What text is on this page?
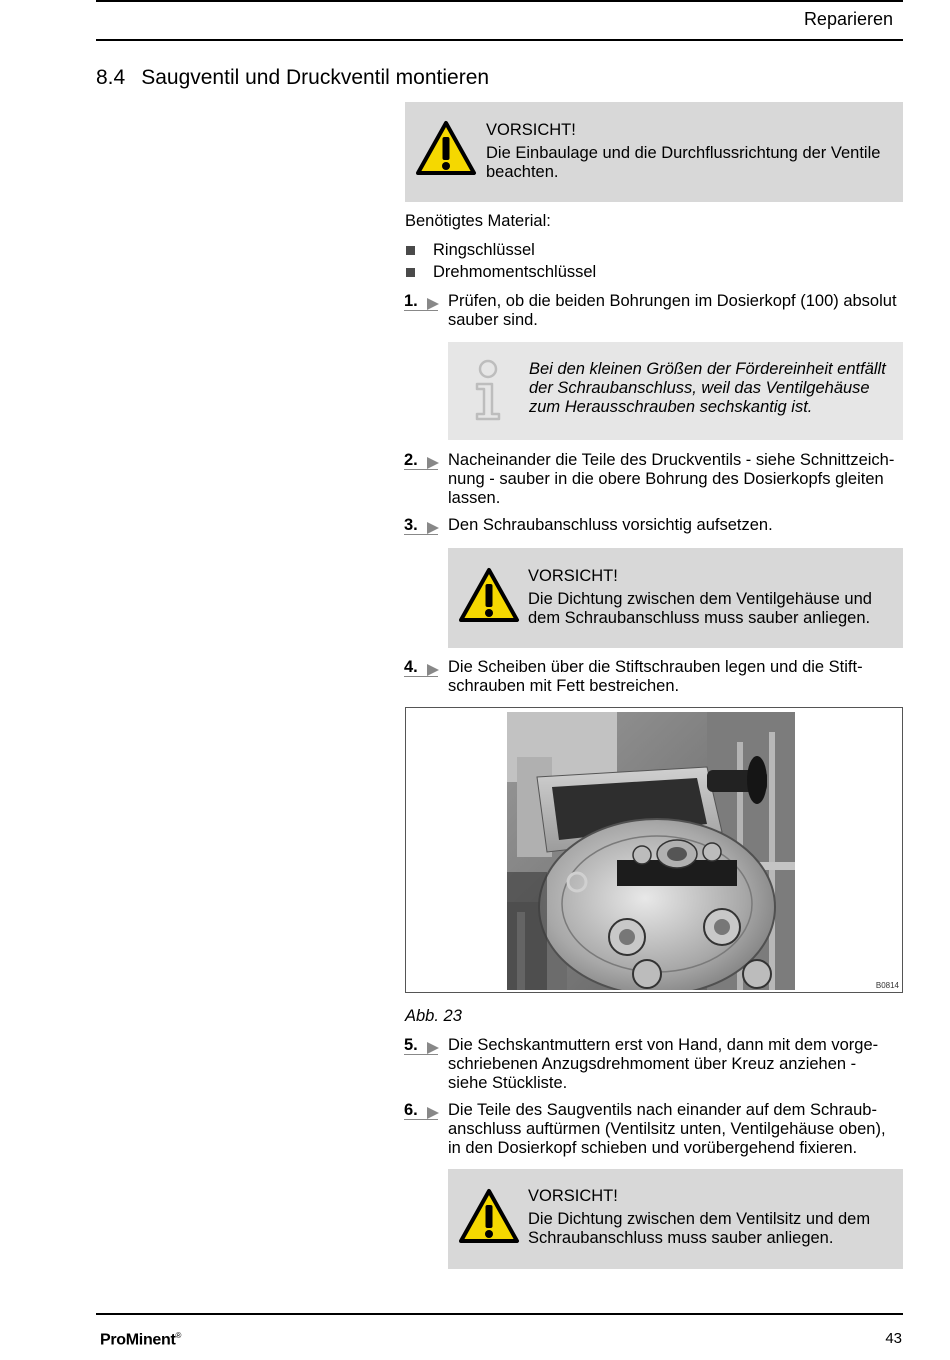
Reparieren
8.4 Saugventil und Druckventil montieren
VORSICHT!
Die Einbaulage und die Durchflussrichtung der Ventile
beachten.
Benötigtes Material:
Ringschlüssel
Drehmomentschlüssel
1. Prüfen, ob die beiden Bohrungen im Dosierkopf (100) absolut
sauber sind.
Bei den kleinen Größen der Fördereinheit entfällt
der Schraubanschluss, weil das Ventilgehäuse
zum Herausschrauben sechskantig ist.
2. Nacheinander die Teile des Druckventils - siehe Schnittzeich-
nung - sauber in die obere Bohrung des Dosierkopfs gleiten
lassen.
3. Den Schraubanschluss vorsichtig aufsetzen.
VORSICHT!
Die Dichtung zwischen dem Ventilgehäuse und
dem Schraubanschluss muss sauber anliegen.
4. Die Scheiben über die Stiftschrauben legen und die Stift-
schrauben mit Fett bestreichen.
B0814
Abb. 23
5. Die Sechskantmuttern erst von Hand, dann mit dem vorge-
schriebenen Anzugsdrehmoment über Kreuz anziehen -
siehe Stückliste.
6. Die Teile des Saugventils nach einander auf dem Schraub-
anschluss auftürmen (Ventilsitz unten, Ventilgehäuse oben),
in den Dosierkopf schieben und vorübergehend fixieren.
VORSICHT!
Die Dichtung zwischen dem Ventilsitz und dem
Schraubanschluss muss sauber anliegen.
ProMinent®	43
